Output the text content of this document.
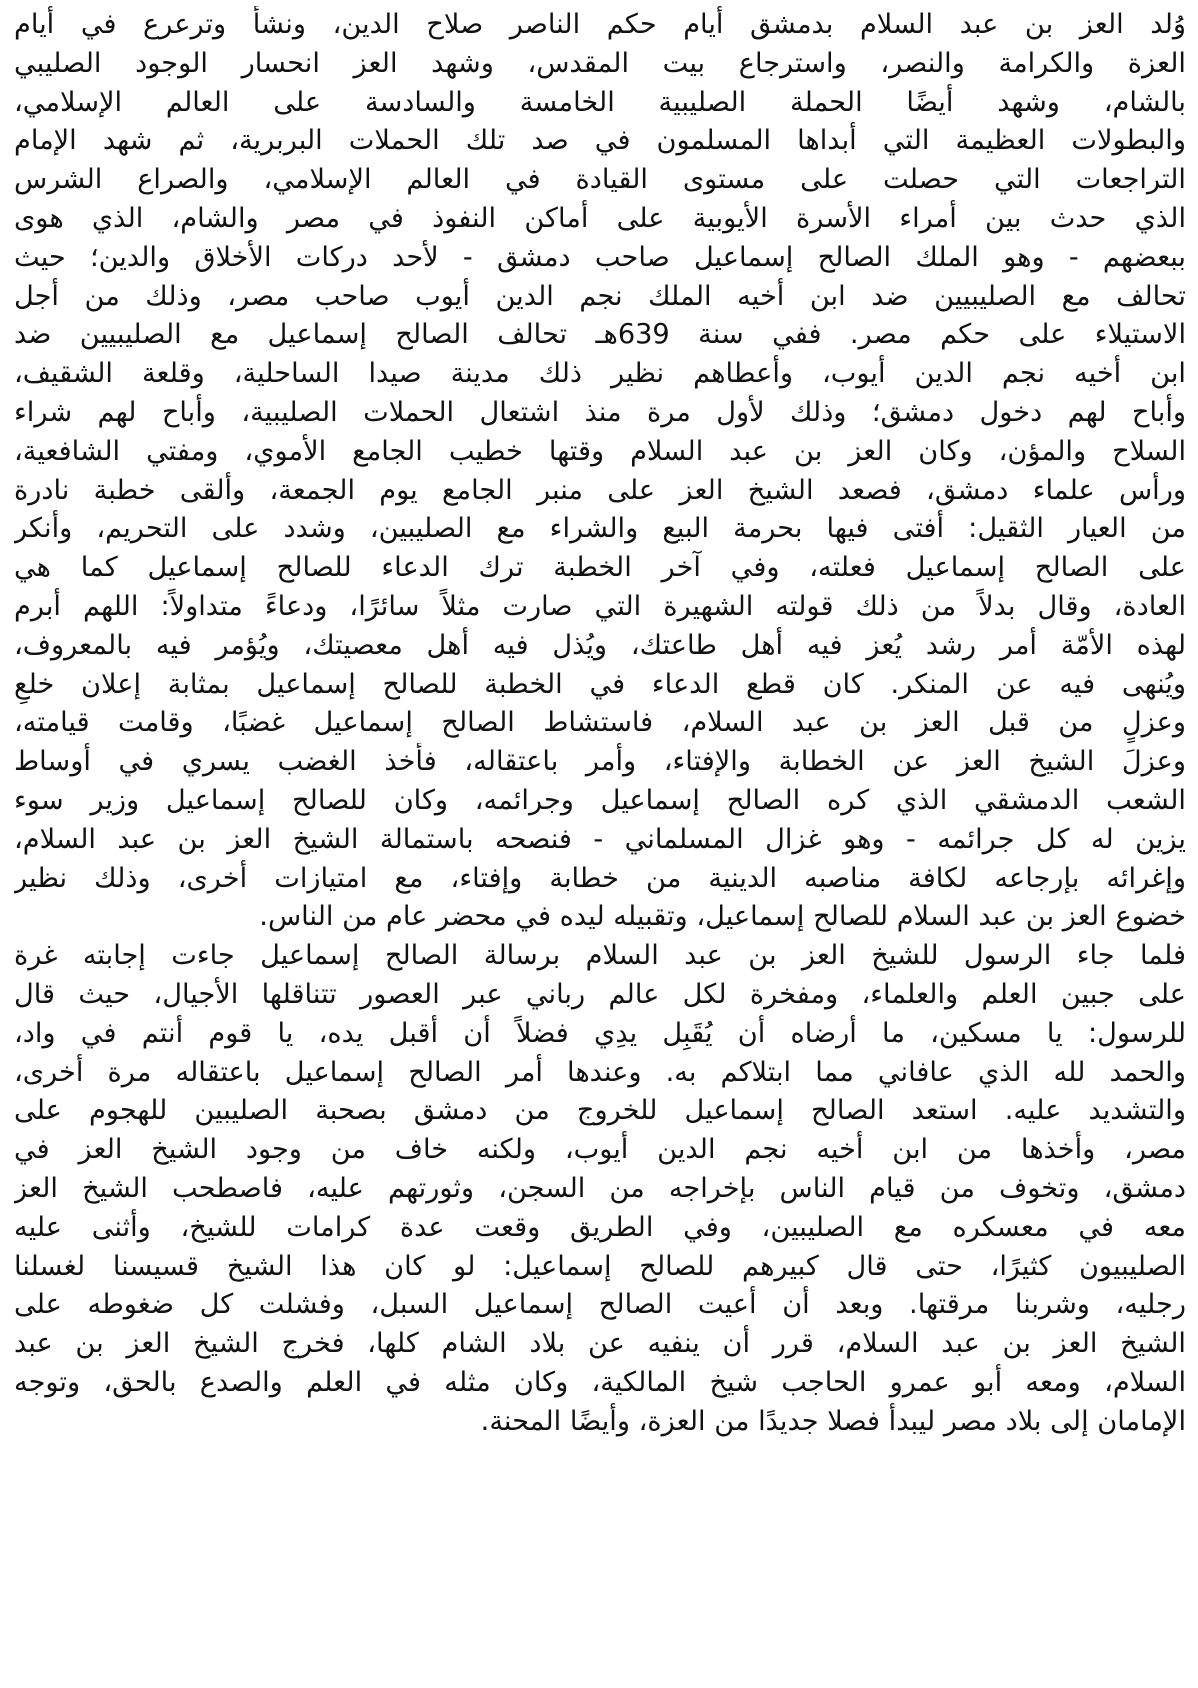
وُلد العز بن عبد السلام بدمشق أيام حكم الناصر صلاح الدين، ونشأ وترعرع في أيام
العزة والكرامة والنصر، واسترجاع بيت المقدس، وشهد العز انحسار الوجود الصليبي
بالشام، وشهد أيضًا الحملة الصليبية الخامسة والسادسة على العالم الإسلامي،
والبطولات العظيمة التي أبداها المسلمون في صد تلك الحملات البربرية، ثم شهد الإمام
التراجعات التي حصلت على مستوى القيادة في العالم الإسلامي، والصراع الشرس
الذي حدث بين أمراء الأسرة الأيوبية على أماكن النفوذ في مصر والشام، الذي هوى
ببعضهم - وهو الملك الصالح إسماعيل صاحب دمشق - لأحد دركات الأخلاق والدين؛ حيث
تحالف مع الصليبيين ضد ابن أخيه الملك نجم الدين أيوب صاحب مصر، وذلك من أجل
الاستيلاء على حكم مصر. ففي سنة 639هـ تحالف الصالح إسماعيل مع الصليبيين ضد
ابن أخيه نجم الدين أيوب، وأعطاهم نظير ذلك مدينة صيدا الساحلية، وقلعة الشقيف،
وأباح لهم دخول دمشق؛ وذلك لأول مرة منذ اشتعال الحملات الصليبية، وأباح لهم شراء
السلاح والمؤن، وكان العز بن عبد السلام وقتها خطيب الجامع الأموي، ومفتي الشافعية،
ورأس علماء دمشق، فصعد الشيخ العز على منبر الجامع يوم الجمعة، وألقى خطبة نادرة
من العيار الثقيل: أفتى فيها بحرمة البيع والشراء مع الصليبين، وشدد على التحريم، وأنكر
على الصالح إسماعيل فعلته، وفي آخر الخطبة ترك الدعاء للصالح إسماعيل كما هي
العادة، وقال بدلاً من ذلك قولته الشهيرة التي صارت مثلاً سائرًا، ودعاءً متداولاً: اللهم أبرم
لهذه الأمّة أمر رشد يُعز فيه أهل طاعتك، ويُذل فيه أهل معصيتك، ويُؤمر فيه بالمعروف،
ويُنهى فيه عن المنكر. كان قطع الدعاء في الخطبة للصالح إسماعيل بمثابة إعلان خلعٍ
وعزلٍ من قبل العز بن عبد السلام، فاستشاط الصالح إسماعيل غضبًا، وقامت قيامته،
وعزلَ الشيخ العز عن الخطابة والإفتاء، وأمر باعتقاله، فأخذ الغضب يسري في أوساط
الشعب الدمشقي الذي كره الصالح إسماعيل وجرائمه، وكان للصالح إسماعيل وزير سوء
يزين له كل جرائمه - وهو غزال المسلماني - فنصحه باستمالة الشيخ العز بن عبد السلام،
وإغرائه بإرجاعه لكافة مناصبه الدينية من خطابة وإفتاء، مع امتيازات أخرى، وذلك نظير
خضوع العز بن عبد السلام للصالح إسماعيل، وتقبيله ليده في محضر عام من الناس.
فلما جاء الرسول للشيخ العز بن عبد السلام برسالة الصالح إسماعيل جاءت إجابته غرة
على جبين العلم والعلماء، ومفخرة لكل عالم رباني عبر العصور تتناقلها الأجيال، حيث قال
للرسول: يا مسكين، ما أرضاه أن يُقَبِل يدِي فضلاً أن أقبل يده، يا قوم أنتم في واد،
والحمد لله الذي عافاني مما ابتلاكم به. وعندها أمر الصالح إسماعيل باعتقاله مرة أخرى،
والتشديد عليه. استعد الصالح إسماعيل للخروج من دمشق بصحبة الصليبين للهجوم على
مصر، وأخذها من ابن أخيه نجم الدين أيوب، ولكنه خاف من وجود الشيخ العز في
دمشق، وتخوف من قيام الناس بإخراجه من السجن، وثورتهم عليه، فاصطحب الشيخ العز
معه في معسكره مع الصليبين، وفي الطريق وقعت عدة كرامات للشيخ، وأثنى عليه
الصليبيون كثيرًا، حتى قال كبيرهم للصالح إسماعيل: لو كان هذا الشيخ قسيسنا لغسلنا
رجليه، وشربنا مرقتها. وبعد أن أعيت الصالح إسماعيل السبل، وفشلت كل ضغوطه على
الشيخ العز بن عبد السلام، قرر أن ينفيه عن بلاد الشام كلها، فخرج الشيخ العز بن عبد
السلام، ومعه أبو عمرو الحاجب شيخ المالكية، وكان مثله في العلم والصدع بالحق، وتوجه
الإمامان إلى بلاد مصر ليبدأ فصلا جديدًا من العزة، وأيضًا المحنة.
